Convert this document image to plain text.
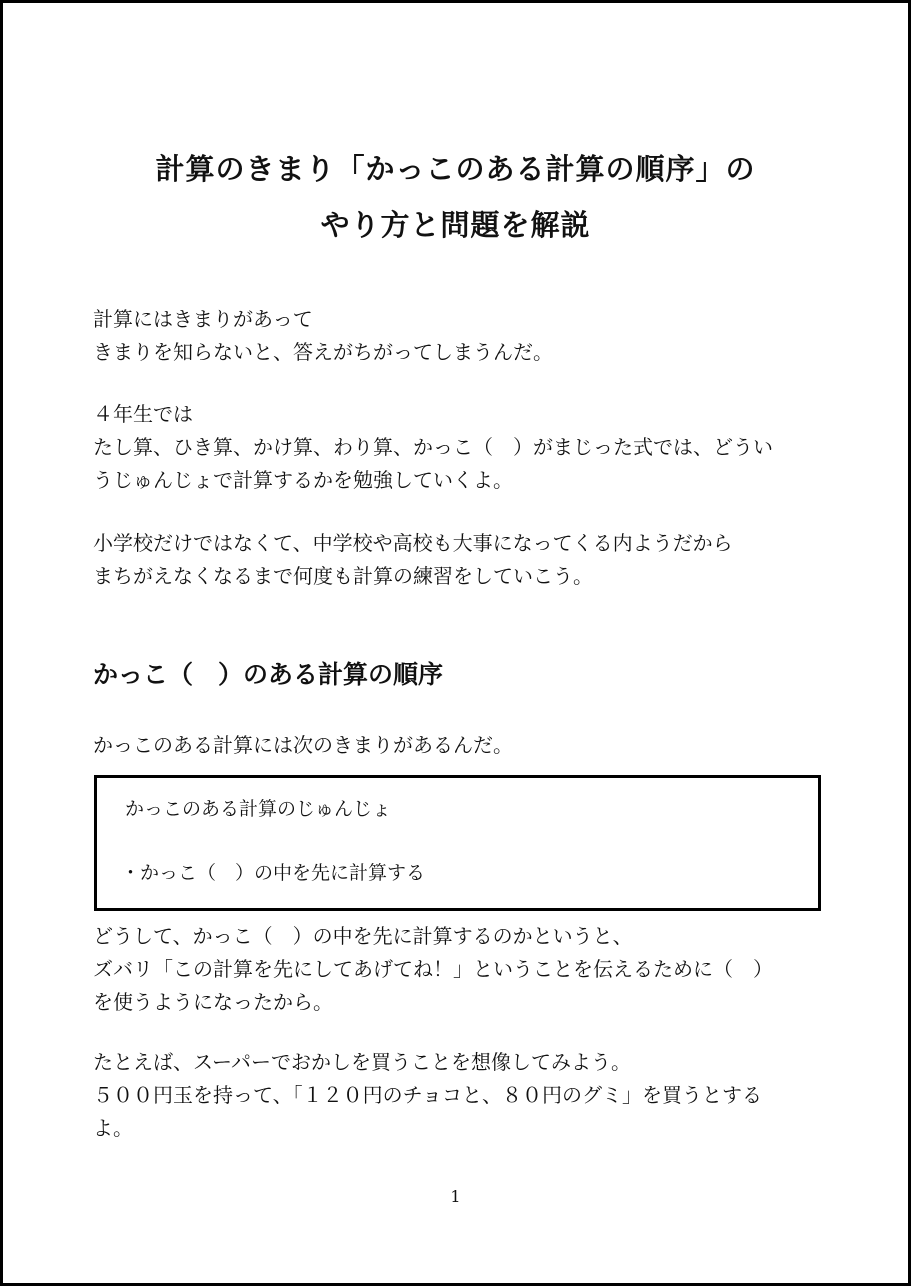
計算のきまり「かっこのある計算の順序」の
やり方と問題を解説
計算にはきまりがあって
きまりを知らないと、答えがちがってしまうんだ。
４年生では
たし算、ひき算、かけ算、わり算、かっこ（　）がまじった式では、どうい
うじゅんじょで計算するかを勉強していくよ。
小学校だけではなくて、中学校や高校も大事になってくる内ようだから
まちがえなくなるまで何度も計算の練習をしていこう。
かっこ（　）のある計算の順序
かっこのある計算には次のきまりがあるんだ。
かっこのある計算のじゅんじょ
・かっこ（　）の中を先に計算する
どうして、かっこ（　）の中を先に計算するのかというと、
ズバリ「この計算を先にしてあげてね！」ということを伝えるために（　）
を使うようになったから。
たとえば、スーパーでおかしを買うことを想像してみよう。
５００円玉を持って、「１２０円のチョコと、８０円のグミ」を買うとする
よ。
1
